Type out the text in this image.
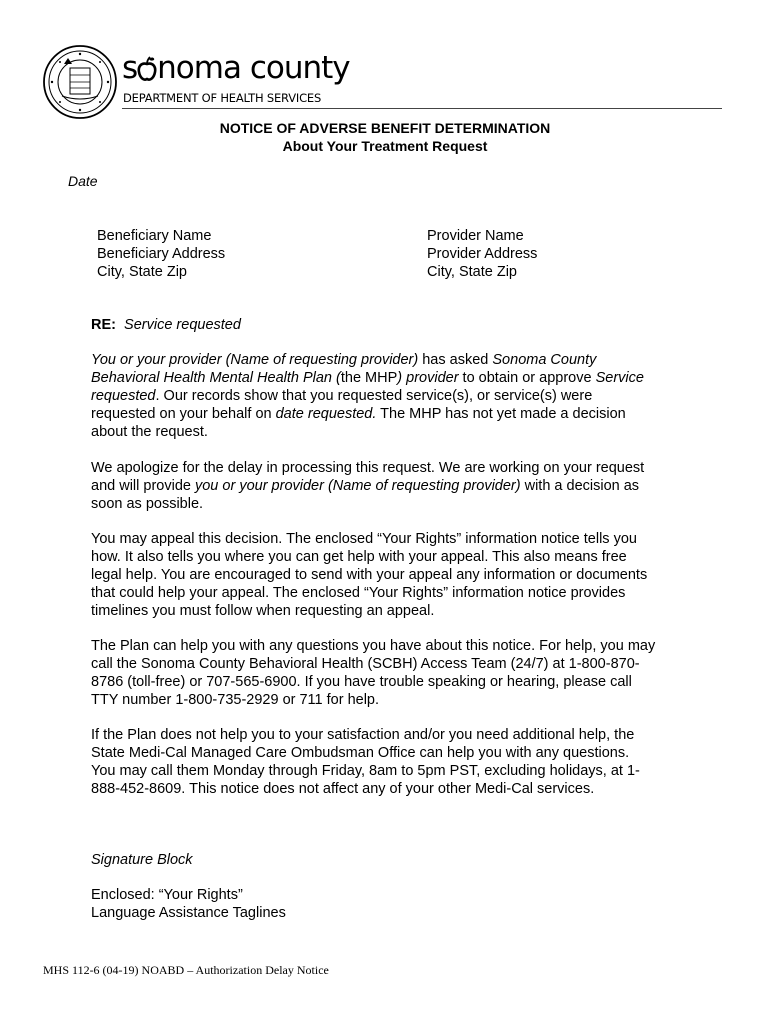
s noma county
DEPARTMENT OF HEALTH SERVICES
NOTICE OF ADVERSE BENEFIT DETERMINATION
About Your Treatment Request
Date
Beneficiary Name
Beneficiary Address
City, State Zip
Provider Name
Provider Address
City, State Zip
RE: Service requested
You or your provider (Name of requesting provider) has asked Sonoma County
Behavioral Health Mental Health Plan (the MHP) provider to obtain or approve Service
requested. Our records show that you requested service(s), or service(s) were
requested on your behalf on date requested. The MHP has not yet made a decision
about the request.
We apologize for the delay in processing this request. We are working on your request
and will provide you or your provider (Name of requesting provider) with a decision as
soon as possible.
You may appeal this decision. The enclosed “Your Rights” information notice tells you
how. It also tells you where you can get help with your appeal. This also means free
legal help. You are encouraged to send with your appeal any information or documents
that could help your appeal. The enclosed “Your Rights” information notice provides
timelines you must follow when requesting an appeal.
The Plan can help you with any questions you have about this notice. For help, you may
call the Sonoma County Behavioral Health (SCBH) Access Team (24/7) at 1-800-870-
8786 (toll-free) or 707-565-6900. If you have trouble speaking or hearing, please call
TTY number 1-800-735-2929 or 711 for help.
If the Plan does not help you to your satisfaction and/or you need additional help, the
State Medi-Cal Managed Care Ombudsman Office can help you with any questions.
You may call them Monday through Friday, 8am to 5pm PST, excluding holidays, at 1-
888-452-8609. This notice does not affect any of your other Medi-Cal services.
Signature Block
Enclosed: “Your Rights”
Language Assistance Taglines
MHS 112-6 (04-19) NOABD – Authorization Delay Notice
